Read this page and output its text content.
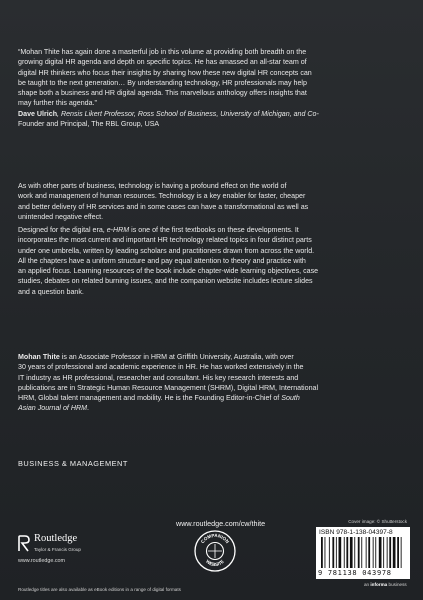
“Mohan Thite has again done a masterful job in this volume at providing both breadth on the
growing digital HR agenda and depth on specific topics. He has amassed an all-star team of
digital HR thinkers who focus their insights by sharing how these new digital HR concepts can
be taught to the next generation… By understanding technology, HR professionals may help
shape both a business and HR digital agenda. This marvellous anthology offers insights that
may further this agenda.”
Dave Ulrich, Rensis Likert Professor, Ross School of Business, University of Michigan, and Co-
Founder and Principal, The RBL Group, USA
As with other parts of business, technology is having a profound effect on the world of
work and management of human resources. Technology is a key enabler for faster, cheaper
and better delivery of HR services and in some cases can have a transformational as well as
unintended negative effect.
Designed for the digital era, e-HRM is one of the first textbooks on these developments. It
incorporates the most current and important HR technology related topics in four distinct parts
under one umbrella, written by leading scholars and practitioners drawn from across the world.
All the chapters have a uniform structure and pay equal attention to theory and practice with
an applied focus. Learning resources of the book include chapter-wide learning objectives, case
studies, debates on related burning issues, and the companion website includes lecture slides
and a question bank.
Mohan Thite is an Associate Professor in HRM at Griffith University, Australia, with over
30 years of professional and academic experience in HR. He has worked extensively in the
IT industry as HR professional, researcher and consultant. His key research interests and
publications are in Strategic Human Resource Management (SHRM), Digital HRM, International
HRM, Global talent management and mobility. He is the Founding Editor-in-Chief of South
Asian Journal of HRM.
BUSINESS & MANAGEMENT
Cover image: © Shutterstock
www.routledge.com/cw/thite
Routledge
Taylor & Francis Group
www.routledge.com
COMPANION
WEBSITE
ISBN 978-1-138-04397-8
9 781138 043978
an informa business
Routledge titles are also available as eBook editions in a range of digital formats
